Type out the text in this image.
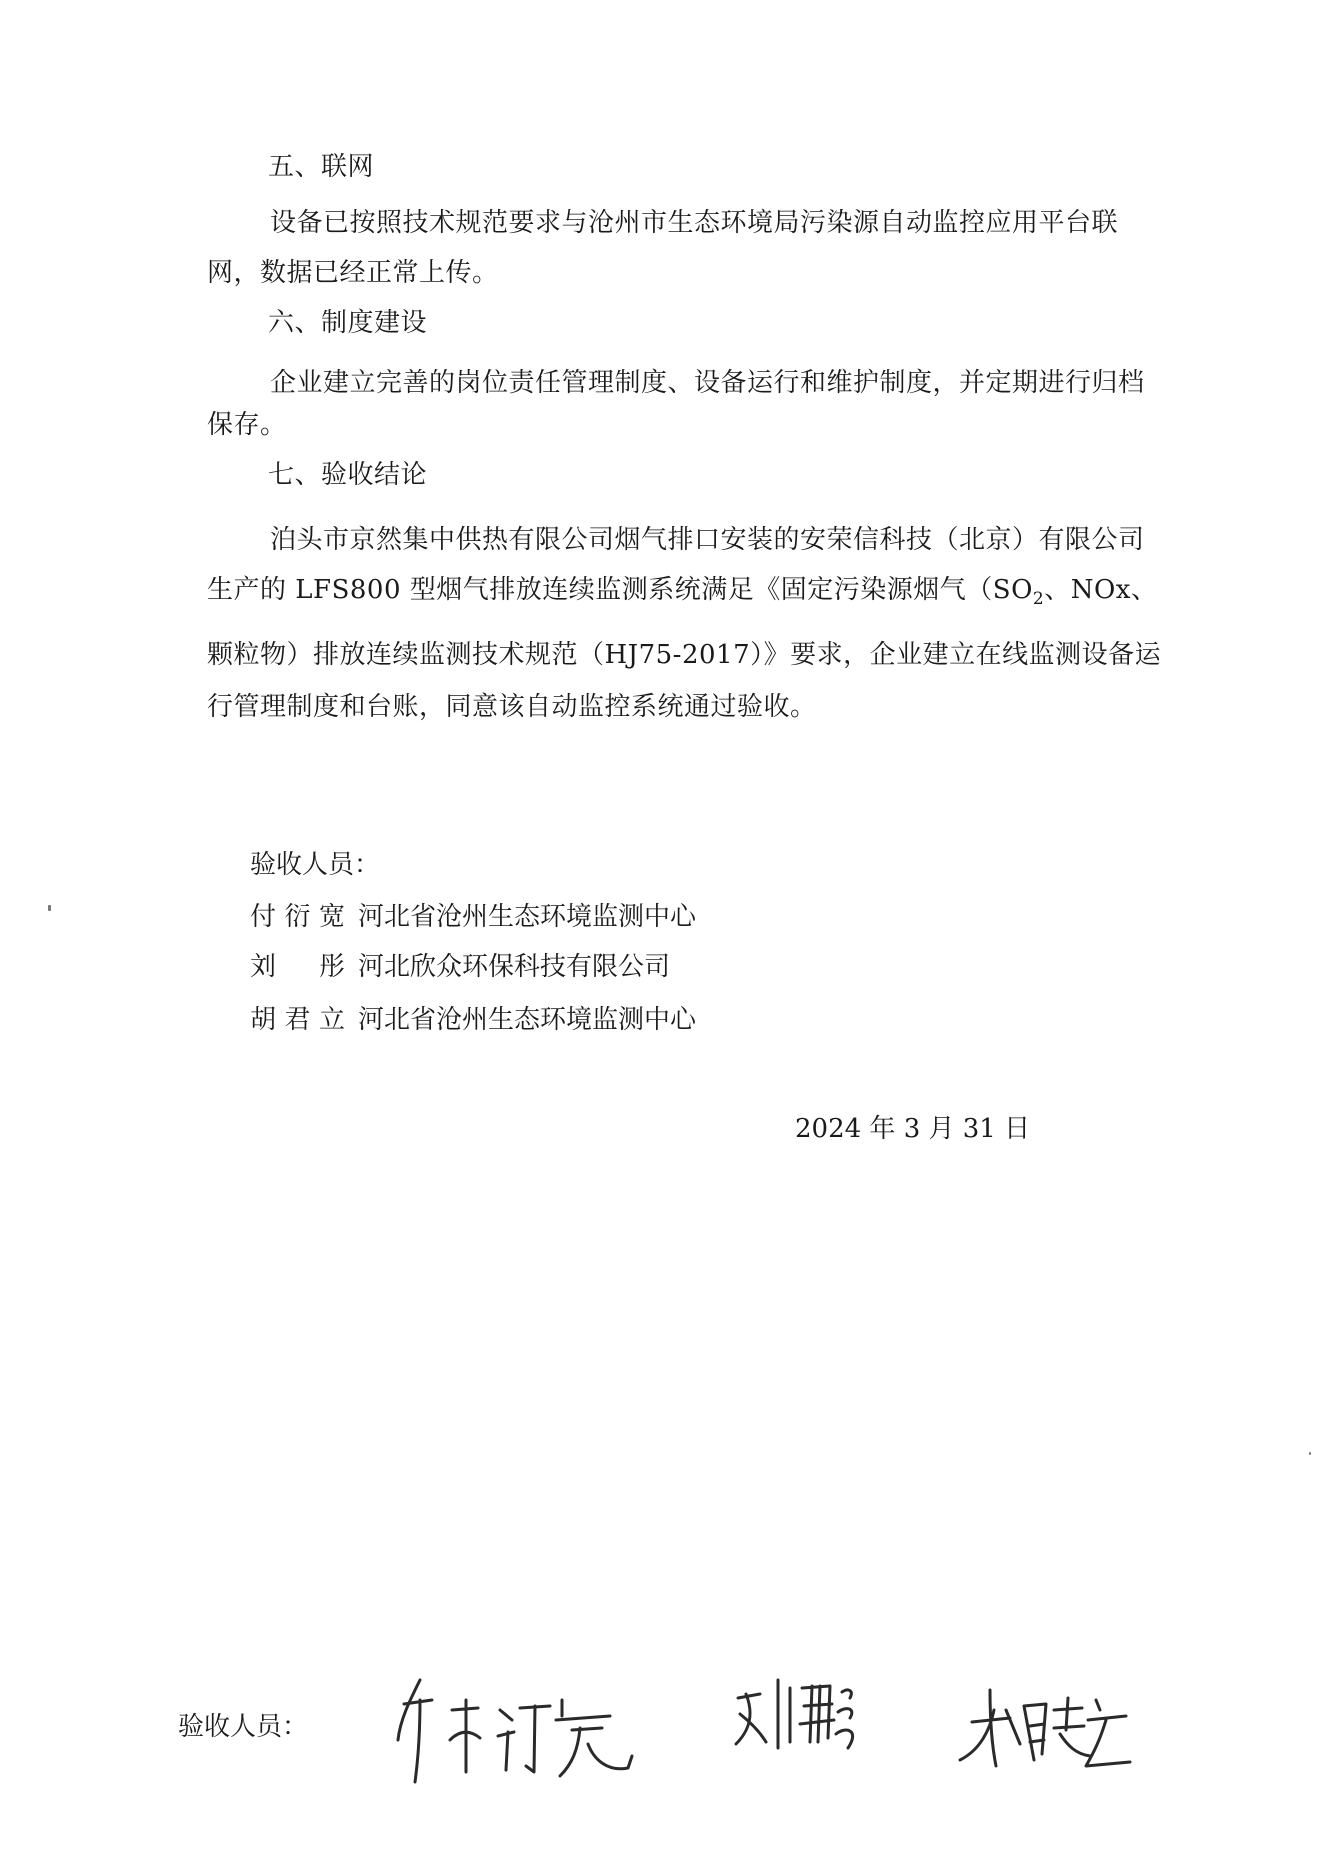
五、联网
设备已按照技术规范要求与沧州市生态环境局污染源自动监控应用平台联
网，数据已经正常上传。
六、制度建设
企业建立完善的岗位责任管理制度、设备运行和维护制度，并定期进行归档
保存。
七、验收结论
泊头市京然集中供热有限公司烟气排口安装的安荣信科技（北京）有限公司
生产的 LFS800 型烟气排放连续监测系统满足《固定污染源烟气（$SO_2$、NOx、
颗粒物）排放连续监测技术规范（HJ75-2017）》要求，企业建立在线监测设备运
行管理制度和台账，同意该自动监控系统通过验收。
验收人员：
付衍宽 河北省沧州生态环境监测中心
刘彤 河北欣众环保科技有限公司
胡君立 河北省沧州生态环境监测中心
2024 年 3 月 31 日
验收人员：
